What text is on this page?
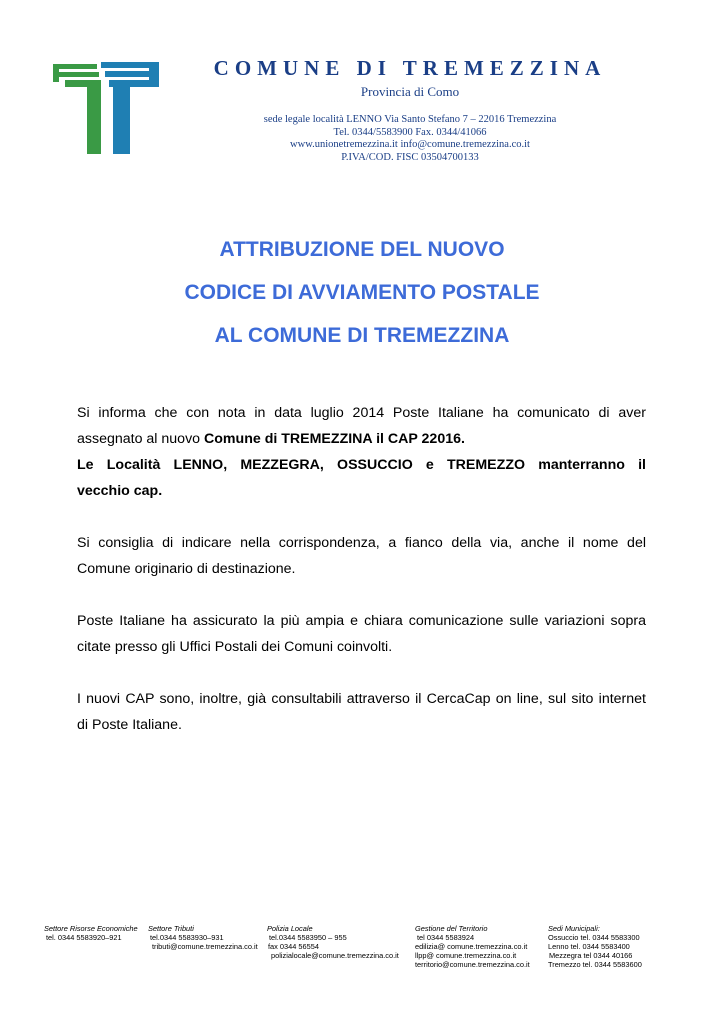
COMUNE DI TREMEZZINA
Provincia di Como
sede legale località LENNO Via Santo Stefano 7 – 22016 Tremezzina
Tel. 0344/5583900 Fax. 0344/41066
www.unionetremezzina.it info@comune.tremezzina.co.it
P.IVA/COD. FISC 03504700133
ATTRIBUZIONE DEL NUOVO
CODICE DI AVVIAMENTO POSTALE
AL COMUNE DI TREMEZZINA

Si informa che con nota in data luglio 2014 Poste Italiane ha comunicato di aver
assegnato al nuovo Comune di TREMEZZINA il CAP 22016.
Le Località LENNO, MEZZEGRA, OSSUCCIO e TREMEZZO manterranno il
vecchio cap.

Si consiglia di indicare nella corrispondenza, a fianco della via, anche il nome del
Comune originario di destinazione.

Poste Italiane ha assicurato la più ampia e chiara comunicazione sulle variazioni sopra
citate presso gli Uffici Postali dei Comuni coinvolti.

I nuovi CAP sono, inoltre, già consultabili attraverso il CercaCap on line, sul sito internet
di Poste Italiane.

Settore Risorse Economiche
tel. 0344 5583920–921
Settore Tributi
tel.0344 5583930–931
tributi@comune.tremezzina.co.it
Polizia Locale
tel.0344 5583950 – 955
fax 0344 56554
polizialocale@comune.tremezzina.co.it
Gestione del Territorio
tel 0344 5583924
edilizia@ comune.tremezzina.co.it
llpp@ comune.tremezzina.co.it
territorio@comune.tremezzina.co.it
Sedi Municipali:
Ossuccio tel. 0344 5583300
Lenno tel. 0344 5583400
Mezzegra tel 0344 40166
Tremezzo tel. 0344 5583600
